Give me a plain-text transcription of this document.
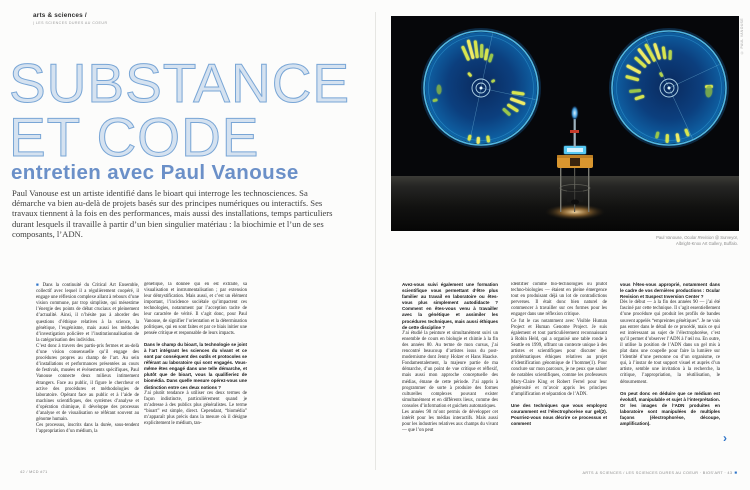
arts & sciences /
| LES SCIENCES DURES AU COEUR
SUBSTANCE
ET CODE
entretien avec Paul Vanouse
Paul Vanouse est un artiste identifié dans le bioart qui interroge les technosciences. Sa démarche va bien au-delà de projets basés sur des principes numériques ou interactifs. Ses travaux tiennent à la fois en des performances, mais aussi des installations, temps particuliers durant lesquels il travaille à partir d’un bien singulier matériau : la biochimie et l’un de ses composants, l’ADN.

■ Dans la continuité du Critical Art Ensemble, collectif avec lequel il a régulièrement coopéré, il engage une réflexion complexe allant à rebours d’une vision commune, par trop simpliste, qui mésestime l’énergie des points de débat cruciaux et pleinement d’actualité. Ainsi, il n’hésite pas à aborder des questions d’éthique relatives à la science, la génétique, l’eugénisme, mais aussi les méthodes d’investigation policière et l’institutionnalisation de la catégorisation des individus.

C’est donc à travers des partis-pris fermes et au-delà d’une vision consensuelle qu’il engage des procédures propres au champ de l’art. Au sein d’installations et performances présentées au cours de festivals, musées et événements spécifiques, Paul Vanouse connecte deux milieux intimement étrangers. Face au public, il figure le chercheur et active des procédures et méthodologies de laboratoire. Opérant face au public et à l’aide de machines scientifiques, des systèmes d’analyse et d’opération chimique, il développe des processus d’analyse et de visualisation se référant souvent au génome humain.

Ces processus, inscrits dans la durée, sous-tendent l’appropriation d’un médium, la

génétique, la donnée qui en est extraite, sa visualisation et instrumentalisation ; par extension leur démystification. Mais aussi, et c’est un élément important, l’incidence sociétale qu’impactent ces technologies, notamment par l’acception tacite de leur caractère de vérité. Il s’agit donc, pour Paul Vanouse, de signifier l’orientation et la détermination politiques, qui en sont faites et par ce biais initier une pensée critique et responsable de leurs impacts.

Dans le champ du bioart, la technologie se joint à l’art intégrant les sciences du vivant et ce sont par conséquent des outils et protocoles se référant au laboratoire qui sont engagés. Vous-même êtes engagé dans une telle démarche, et plutôt que de bioart, vous la qualifieriez de biomédia. Dans quelle mesure opérez-vous une distinction entre ces deux notions ?

J’ai plutôt tendance à utiliser ces deux termes de façon indistincte, particulièrement quand je m’adresse à des publics plus généralistes. Le terme “bioart” est simple, direct. Cependant, “biomédia” m’apparaît plus précis dans la mesure où il désigne explicitement le médium, tan-

42 / MCD #71
© PAUL VANOUSE
Paul Vanouse, Ocular Revision @ Surveyor,
Albright-Knox Art Gallery, Buffalo.

Avez-vous suivi également une formation scientifique vous permettant d’être plus familier au travail en laboratoire ou êtes-vous plus simplement autodidacte ? Comment en êtes-vous venu à travailler avec la génétique et assimiler les procédures techniques, mais aussi éthiques de cette discipline ?

J’ai étudié la peinture et simultanément suivi un ensemble de cours en biologie et chimie à la fin des années 80. Au terme de mon cursus, j’ai rencontré beaucoup d’artistes issus du post-modernisme dont Jenny Holzer et Hans Haacke. Fondamentalement, la majeure partie de ma démarche, d’un point de vue critique et réflexif, mais aussi mon approche conceptuelle des médias, émane de cette période. J’ai appris à programmer de sorte à produire des formes culturelles complexes pouvant exister simultanément et en différents lieux, comme des consoles d’information et guichets automatiques.

Les années 90 m’ont permis de développer cet intérêt pour les médias interactifs. Mais aussi pour les industries relatives aux champs du vivant — que l’on peut

identifier comme bio-technologies ou plutôt techno-biologies — étaient en pleine émergence tout en produisant déjà un lot de contradictions perverses. Il était donc bien naturel de commencer à travailler sur ces formes pour les engager dans une réflexion critique.

Ce fut le cas notamment avec Visible Human Project et Human Genome Project. Je suis également et tout particulièrement reconnaissant à Robin Held, qui a organisé une table ronde à Seattle en 1999, offrant un contexte unique à des artistes et scientifiques pour discuter des problématiques éthiques relatives au projet d’identification génomique de l’homme(1). Pour conclure sur mon parcours, je ne peux que saluer de notables scientifiques, comme les professeurs Mary-Claire King et Robert Ferrel pour leur générosité et m’avoir appris les principes d’amplification et séparation de l’ADN.

Une des techniques que vous employez couramment est l’électrophorèse sur gel(2). Pourriez-vous nous décrire ce processus et comment

vous l’êtes-vous approprié, notamment dans le cadre de vos dernières productions : Ocular Revision et Suspect Inversion Center ?

Dès le début — à la fin des années 90 — j’ai été fasciné par cette technique. Il s’agit essentiellement d’une procédure qui produit les profils de bandes souvent appelés “empreintes génétiques”. Je ne vais pas entrer dans le détail de ce procédé, mais ce qui est intéressant au sujet de l’électrophorèse, c’est qu’il permet d’observer l’ADN à l’œil nu. En outre, il utilise la position de l’ADN dans un gel mis à plat dans une coupelle pour faire la lumière sur l’identité d’une personne ou d’un organisme, ce qui, à l’instar de tout support visuel et auprès d’un artiste, semble une invitation à la recherche, la critique, l’appropriation, la réutilisation, le détournement.

On peut donc en déduire que ce médium est évolutif, manipulable et sujet à l’interprétation. Or les images de l’ADN produites en laboratoire sont manipulées de multiples façons (électrophorèse, découpe, amplification).

›
ARTS & SCIENCES / LES SCIENCES DURES AU COEUR · BIOS’ART · 43 ■
